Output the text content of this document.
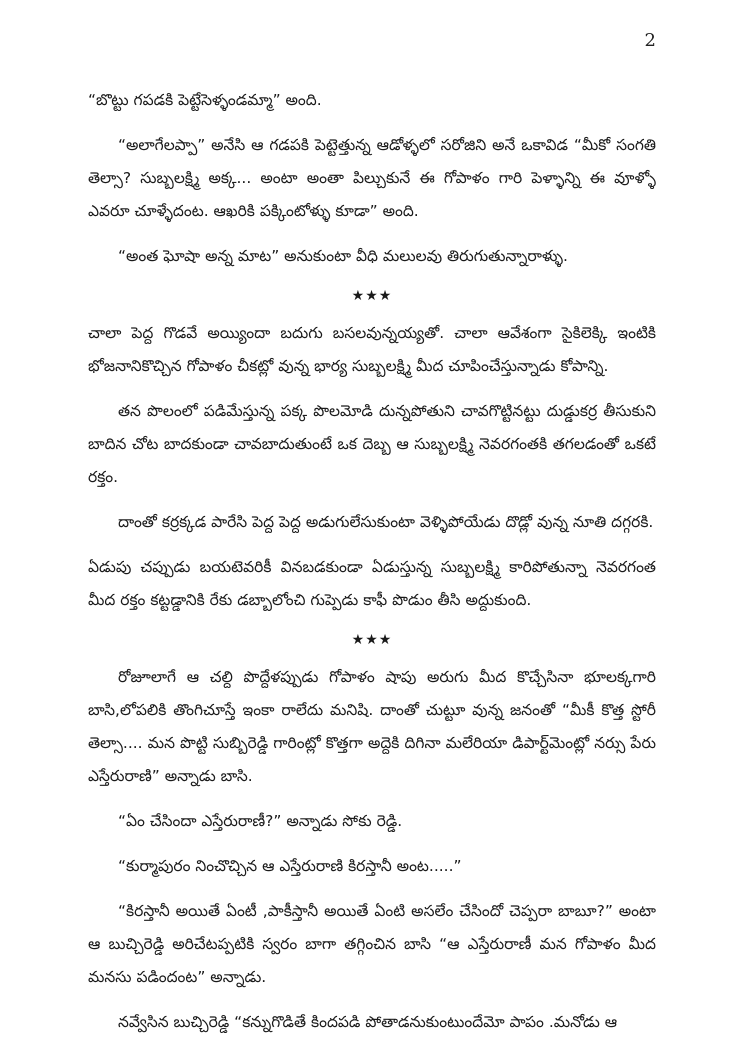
2

“బొట్టు గపడకి పెట్టేసెళ్ళండమ్మా” అంది.

“అలాగేలప్పా” అనేసి ఆ గడపకి పెట్టెత్తున్న ఆడోళ్ళలో సరోజిని అనే ఒకావిడ “మీకో సంగతి తెల్సా? సుబ్బలక్ష్మి అక్క... అంటా అంతా పిల్చుకునే ఈ గోపాళం గారి పెళ్ళాన్ని ఈ వూళ్ళో ఎవరూ చూళ్ళేదంట. ఆఖరికి పక్కింటోళ్ళు కూడా” అంది.

“అంత ఘోషా అన్న మాట” అనుకుంటా వీధి మలులవు తిరుగుతున్నారాళ్ళు.

★★★

చాలా పెద్ద గొడవే అయ్యిందా బదుగు బసలవున్నయ్యతో. చాలా ఆవేశంగా సైకిలెక్కి ఇంటికి భోజనానికొచ్చిన గోపాళం చీకట్లో వున్న భార్య సుబ్బలక్ష్మి మీద చూపించేస్తున్నాడు కోపాన్ని.

తన పొలంలో పడిమేస్తున్న పక్క పొలమోడి దున్నపోతుని చావగొట్టినట్టు దుడ్డుకర్ర తీసుకుని బాదిన చోట బాదకుండా చావబాదుతుంటే ఒక దెబ్బ ఆ సుబ్బలక్ష్మి నెవరగంతకి తగలడంతో ఒకటే రక్తం.

దాంతో కర్రక్కడ పారేసి పెద్ద పెద్ద అడుగులేసుకుంటా వెళ్ళిపోయేడు దొడ్లో వున్న నూతి దగ్గరకి.

ఏడుపు చప్పుడు బయటెవరికీ వినబడకుండా ఏడుస్తున్న సుబ్బలక్ష్మి కారిపోతున్నా నెవరగంత మీద రక్తం కట్టడ్డానికి రేకు డబ్బాలోంచి గుప్పెడు కాఫీ పొడుం తీసి అద్దుకుంది.

★★★

రోజూలాగే ఆ చల్ది పొద్దేళప్పుడు గోపాళం షాపు అరుగు మీద కొచ్చేసినా భూలక్కగారి బాసి,లోపలికి తొంగిచూస్తే ఇంకా రాలేదు మనిషి. దాంతో చుట్టూ వున్న జనంతో “మీకీ కొత్త స్టోరీ తెల్సా.... మన పొట్టి సుబ్బిరెడ్డి గారింట్లో కొత్తగా అద్దెకి దిగినా మలేరియా డిపార్ట్‌మెంట్లో నర్సు పేరు ఎస్తేరురాణి” అన్నాడు బాసి.

“ఏం చేసిందా ఎస్తేరురాణీ?” అన్నాడు సోకు రెడ్డి.

“కుర్మాపురం నించొచ్చిన ఆ ఎస్తేరురాణి కిరస్తానీ అంట.....”

“కిరస్తానీ అయితే ఏంటీ ,పాకీస్తానీ అయితే ఏంటి అసలేం చేసిందో చెప్పరా బాబూ?” అంటా ఆ బుచ్చిరెడ్డి అరిచేటప్పటికి స్వరం బాగా తగ్గించిన బాసి “ఆ ఎస్తేరురాణీ మన గోపాళం మీద మనసు పడిందంట” అన్నాడు.

నవ్వేసిన బుచ్చిరెడ్డి “కన్నుగొడితే కిందపడి పోతాడనుకుంటుందేమో పాపం .మనోడు ఆ
